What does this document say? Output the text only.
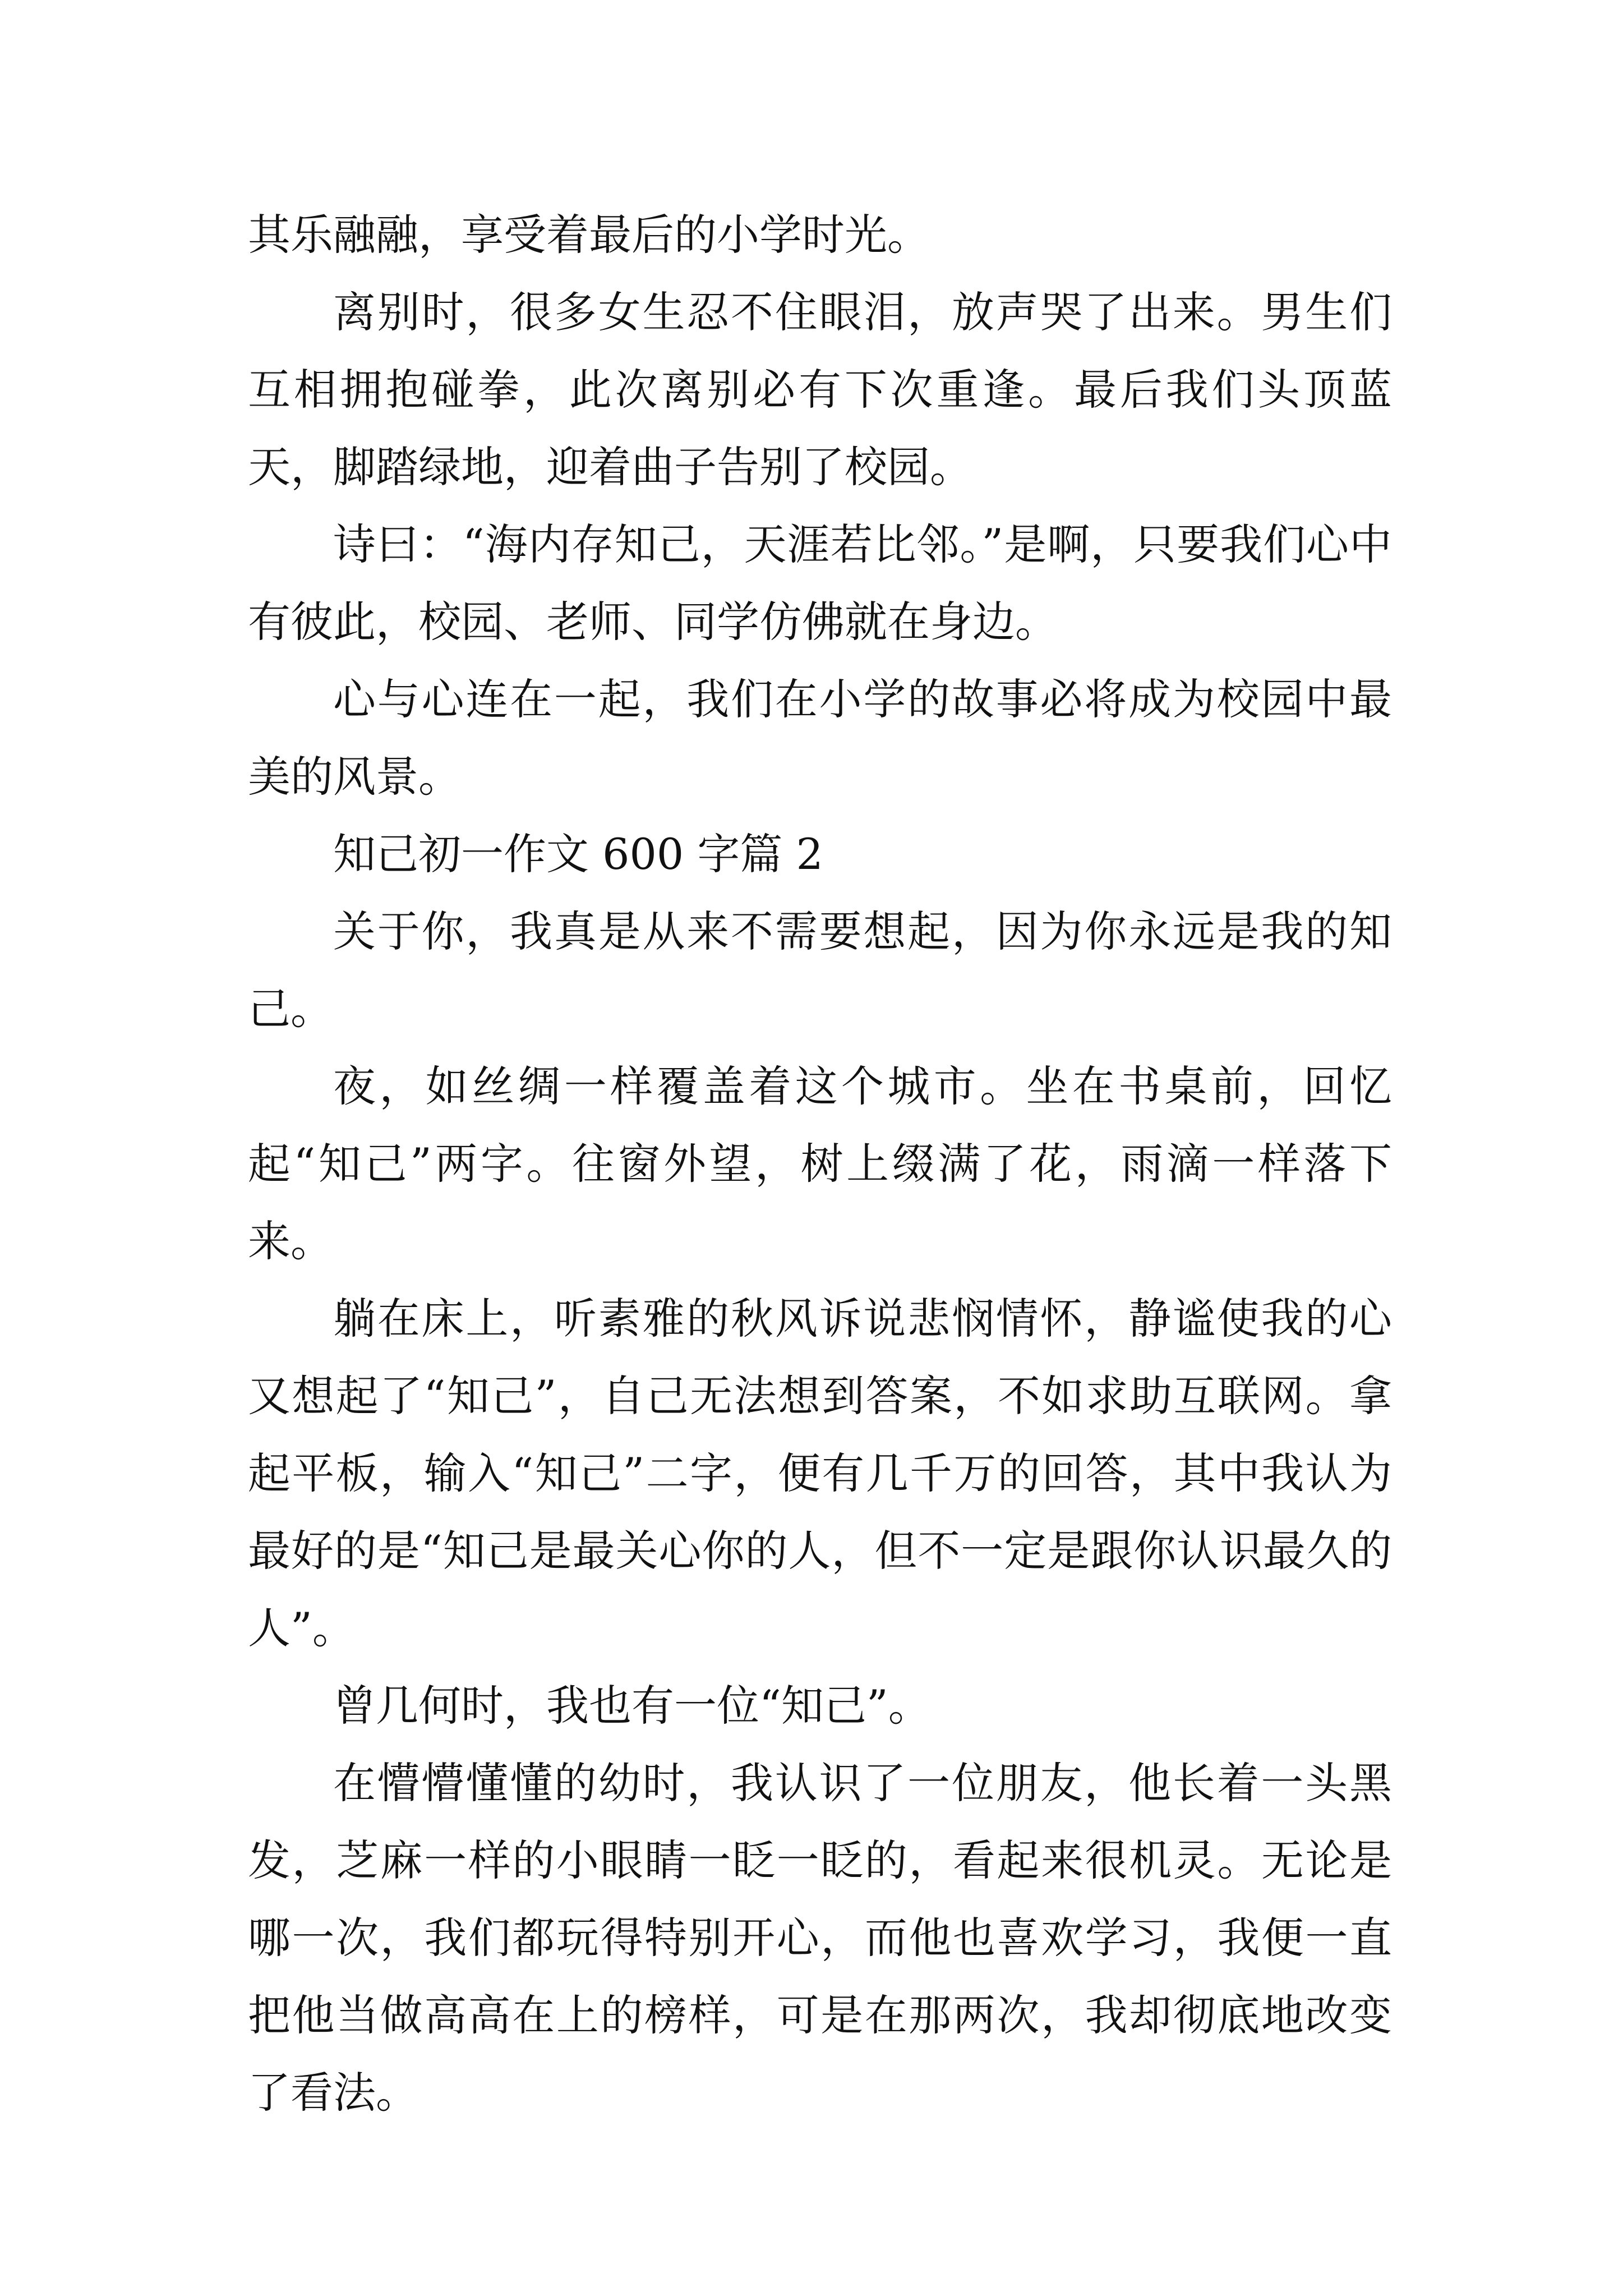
其乐融融，享受着最后的小学时光。

离别时，很多女生忍不住眼泪，放声哭了出来。男生们互相拥抱碰拳，此次离别必有下次重逢。最后我们头顶蓝天，脚踏绿地，迎着曲子告别了校园。

诗曰：“海内存知己，天涯若比邻。”是啊，只要我们心中有彼此，校园、老师、同学仿佛就在身边。

心与心连在一起，我们在小学的故事必将成为校园中最美的风景。

知己初一作文 600 字篇 2

关于你，我真是从来不需要想起，因为你永远是我的知己。

夜，如丝绸一样覆盖着这个城市。坐在书桌前，回忆起“知己”两字。往窗外望，树上缀满了花，雨滴一样落下来。

躺在床上，听素雅的秋风诉说悲悯情怀，静谧使我的心又想起了“知己”，自己无法想到答案，不如求助互联网。拿起平板，输入“知己”二字，便有几千万的回答，其中我认为最好的是“知己是最关心你的人，但不一定是跟你认识最久的人”。

曾几何时，我也有一位“知己”。

在懵懵懂懂的幼时，我认识了一位朋友，他长着一头黑发，芝麻一样的小眼睛一眨一眨的，看起来很机灵。无论是哪一次，我们都玩得特别开心，而他也喜欢学习，我便一直把他当做高高在上的榜样，可是在那两次，我却彻底地改变了看法。
